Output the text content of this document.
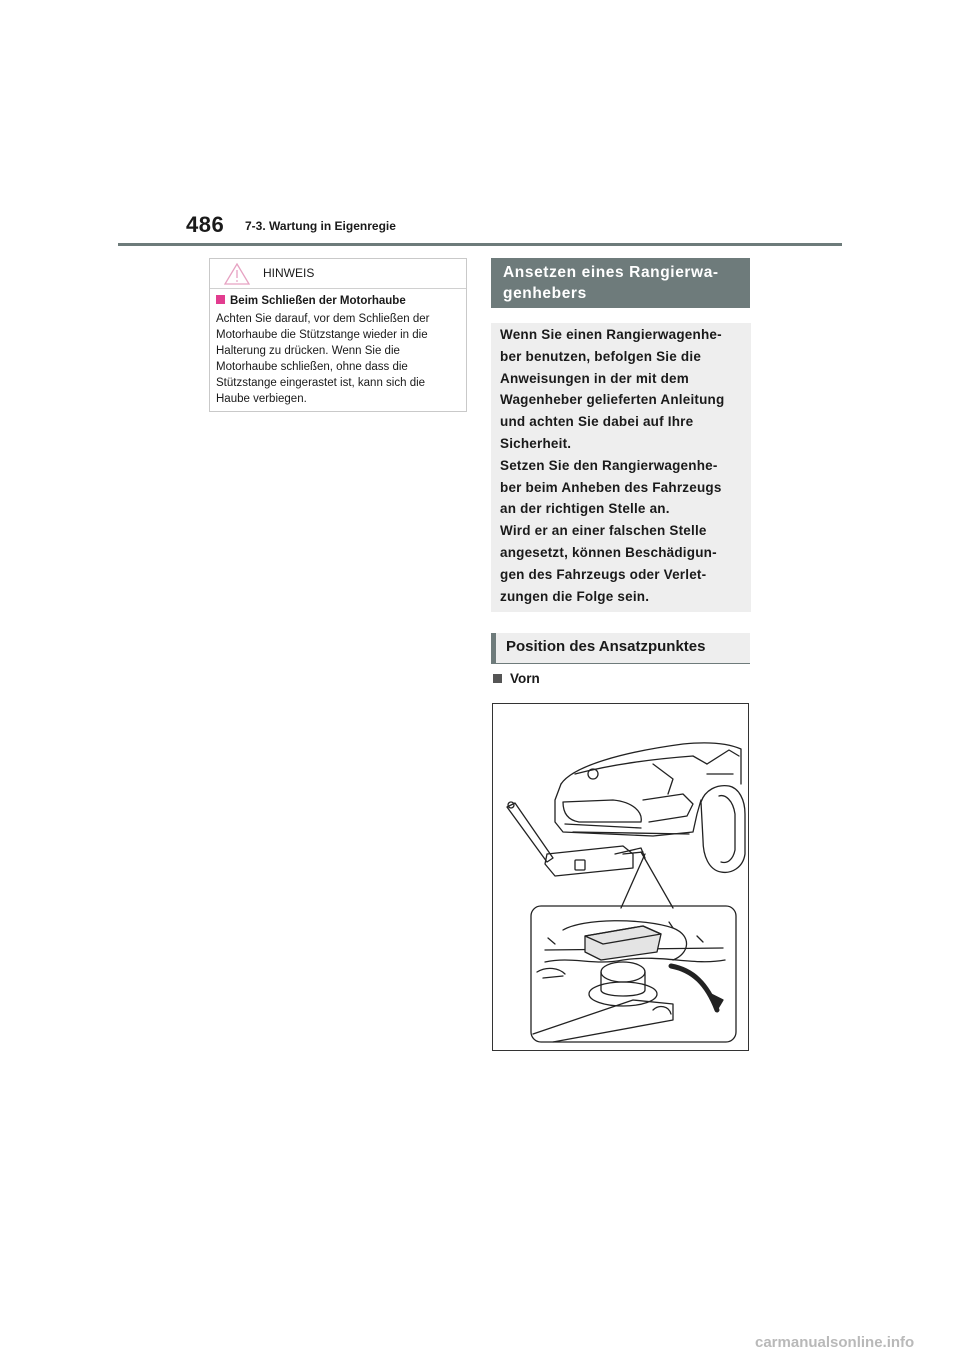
486 7-3. Wartung in Eigenregie
HINWEIS
Beim Schließen der Motorhaube
Achten Sie darauf, vor dem Schließen der Motorhaube die Stützstange wieder in die Halterung zu drücken. Wenn Sie die Motorhaube schließen, ohne dass die Stützstange eingerastet ist, kann sich die Haube verbiegen.
Ansetzen eines Rangierwa-
genhebers

Wenn Sie einen Rangierwagenhe-
ber benutzen, befolgen Sie die
Anweisungen in der mit dem
Wagenheber gelieferten Anleitung
und achten Sie dabei auf Ihre
Sicherheit.
Setzen Sie den Rangierwagenhe-
ber beim Anheben des Fahrzeugs
an der richtigen Stelle an.
Wird er an einer falschen Stelle
angesetzt, können Beschädigun-
gen des Fahrzeugs oder Verlet-
zungen die Folge sein.

Position des Ansatzpunktes
Vorn
carmanualsonline.info
